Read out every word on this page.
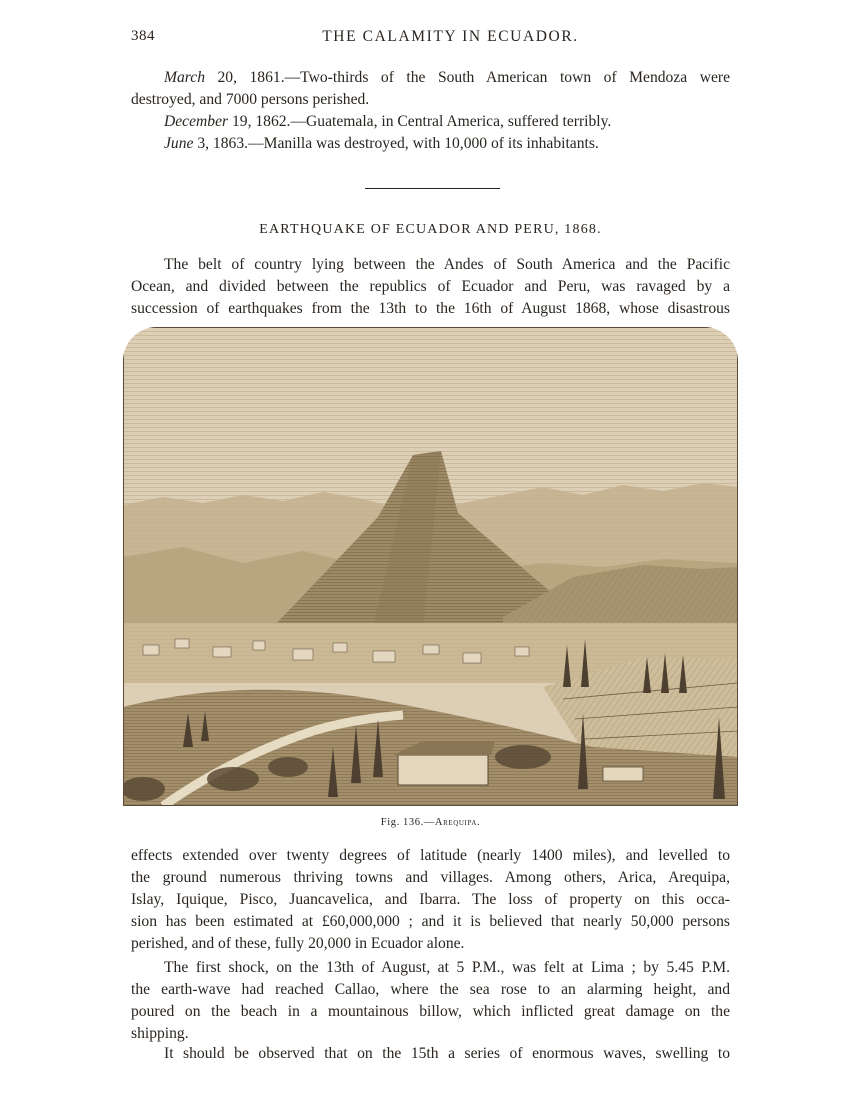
384	THE CALAMITY IN ECUADOR.
March 20, 1861.—Two-thirds of the South American town of Mendoza were
destroyed, and 7000 persons perished.
December 19, 1862.—Guatemala, in Central America, suffered terribly.
June 3, 1863.—Manilla was destroyed, with 10,000 of its inhabitants.
EARTHQUAKE OF ECUADOR AND PERU, 1868.
The belt of country lying between the Andes of South America and the Pacific
Ocean, and divided between the republics of Ecuador and Peru, was ravaged by a
succession of earthquakes from the 13th to the 16th of August 1868, whose disastrous
Fig. 136.—Arequipa.
effects extended over twenty degrees of latitude (nearly 1400 miles), and levelled to
the ground numerous thriving towns and villages. Among others, Arica, Arequipa,
Islay, Iquique, Pisco, Juancavelica, and Ibarra. The loss of property on this occa-
sion has been estimated at £60,000,000 ; and it is believed that nearly 50,000 persons
perished, and of these, fully 20,000 in Ecuador alone.
The first shock, on the 13th of August, at 5 P.M., was felt at Lima ; by 5.45 P.M.
the earth-wave had reached Callao, where the sea rose to an alarming height, and
poured on the beach in a mountainous billow, which inflicted great damage on the
shipping.
It should be observed that on the 15th a series of enormous waves, swelling to
